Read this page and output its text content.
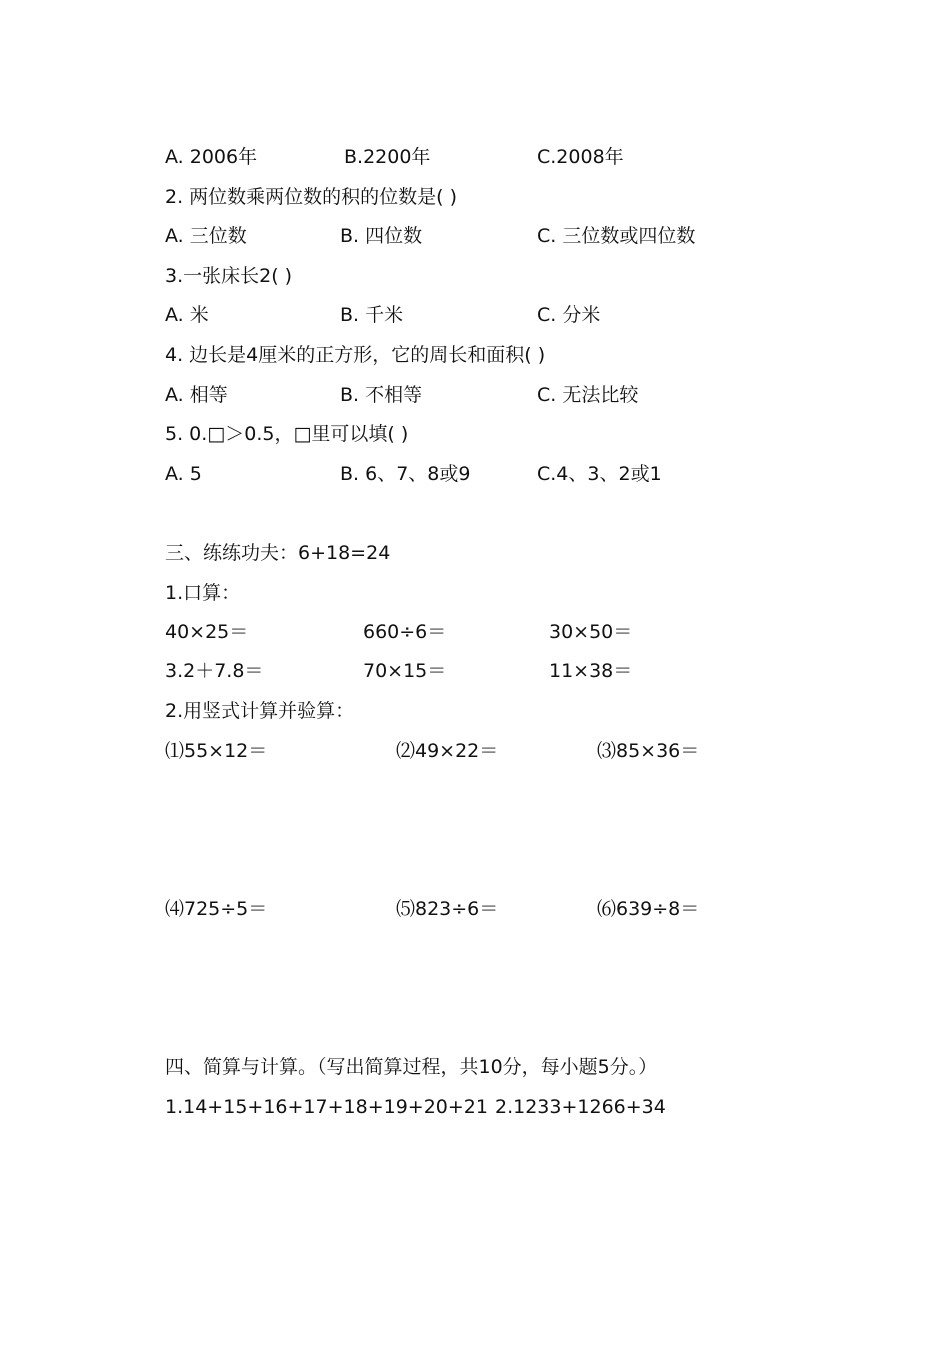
A. 2006年	B.2200年	C.2008年
2. 两位数乘两位数的积的位数是( )
A. 三位数	B. 四位数	C. 三位数或四位数
3.一张床长2( )
A. 米	B. 千米	C. 分米
4. 边长是4厘米的正方形，它的周长和面积( )
A. 相等	B. 不相等	C. 无法比较
5. 0.□＞0.5，□里可以填( )
A. 5	B. 6、7、8或9	C.4、3、2或1
三、练练功夫：6+18=24
1.口算：
40×25＝	660÷6＝	30×50＝
3.2＋7.8＝	70×15＝	11×38＝
2.用竖式计算并验算：
⑴55×12＝	⑵49×22＝	⑶85×36＝
⑷725÷5＝	⑸823÷6＝	⑹639÷8＝
四、简算与计算。（写出简算过程，共10分，每小题5分。）
1.14+15+16+17+18+19+20+21 2.1233+1266+34
